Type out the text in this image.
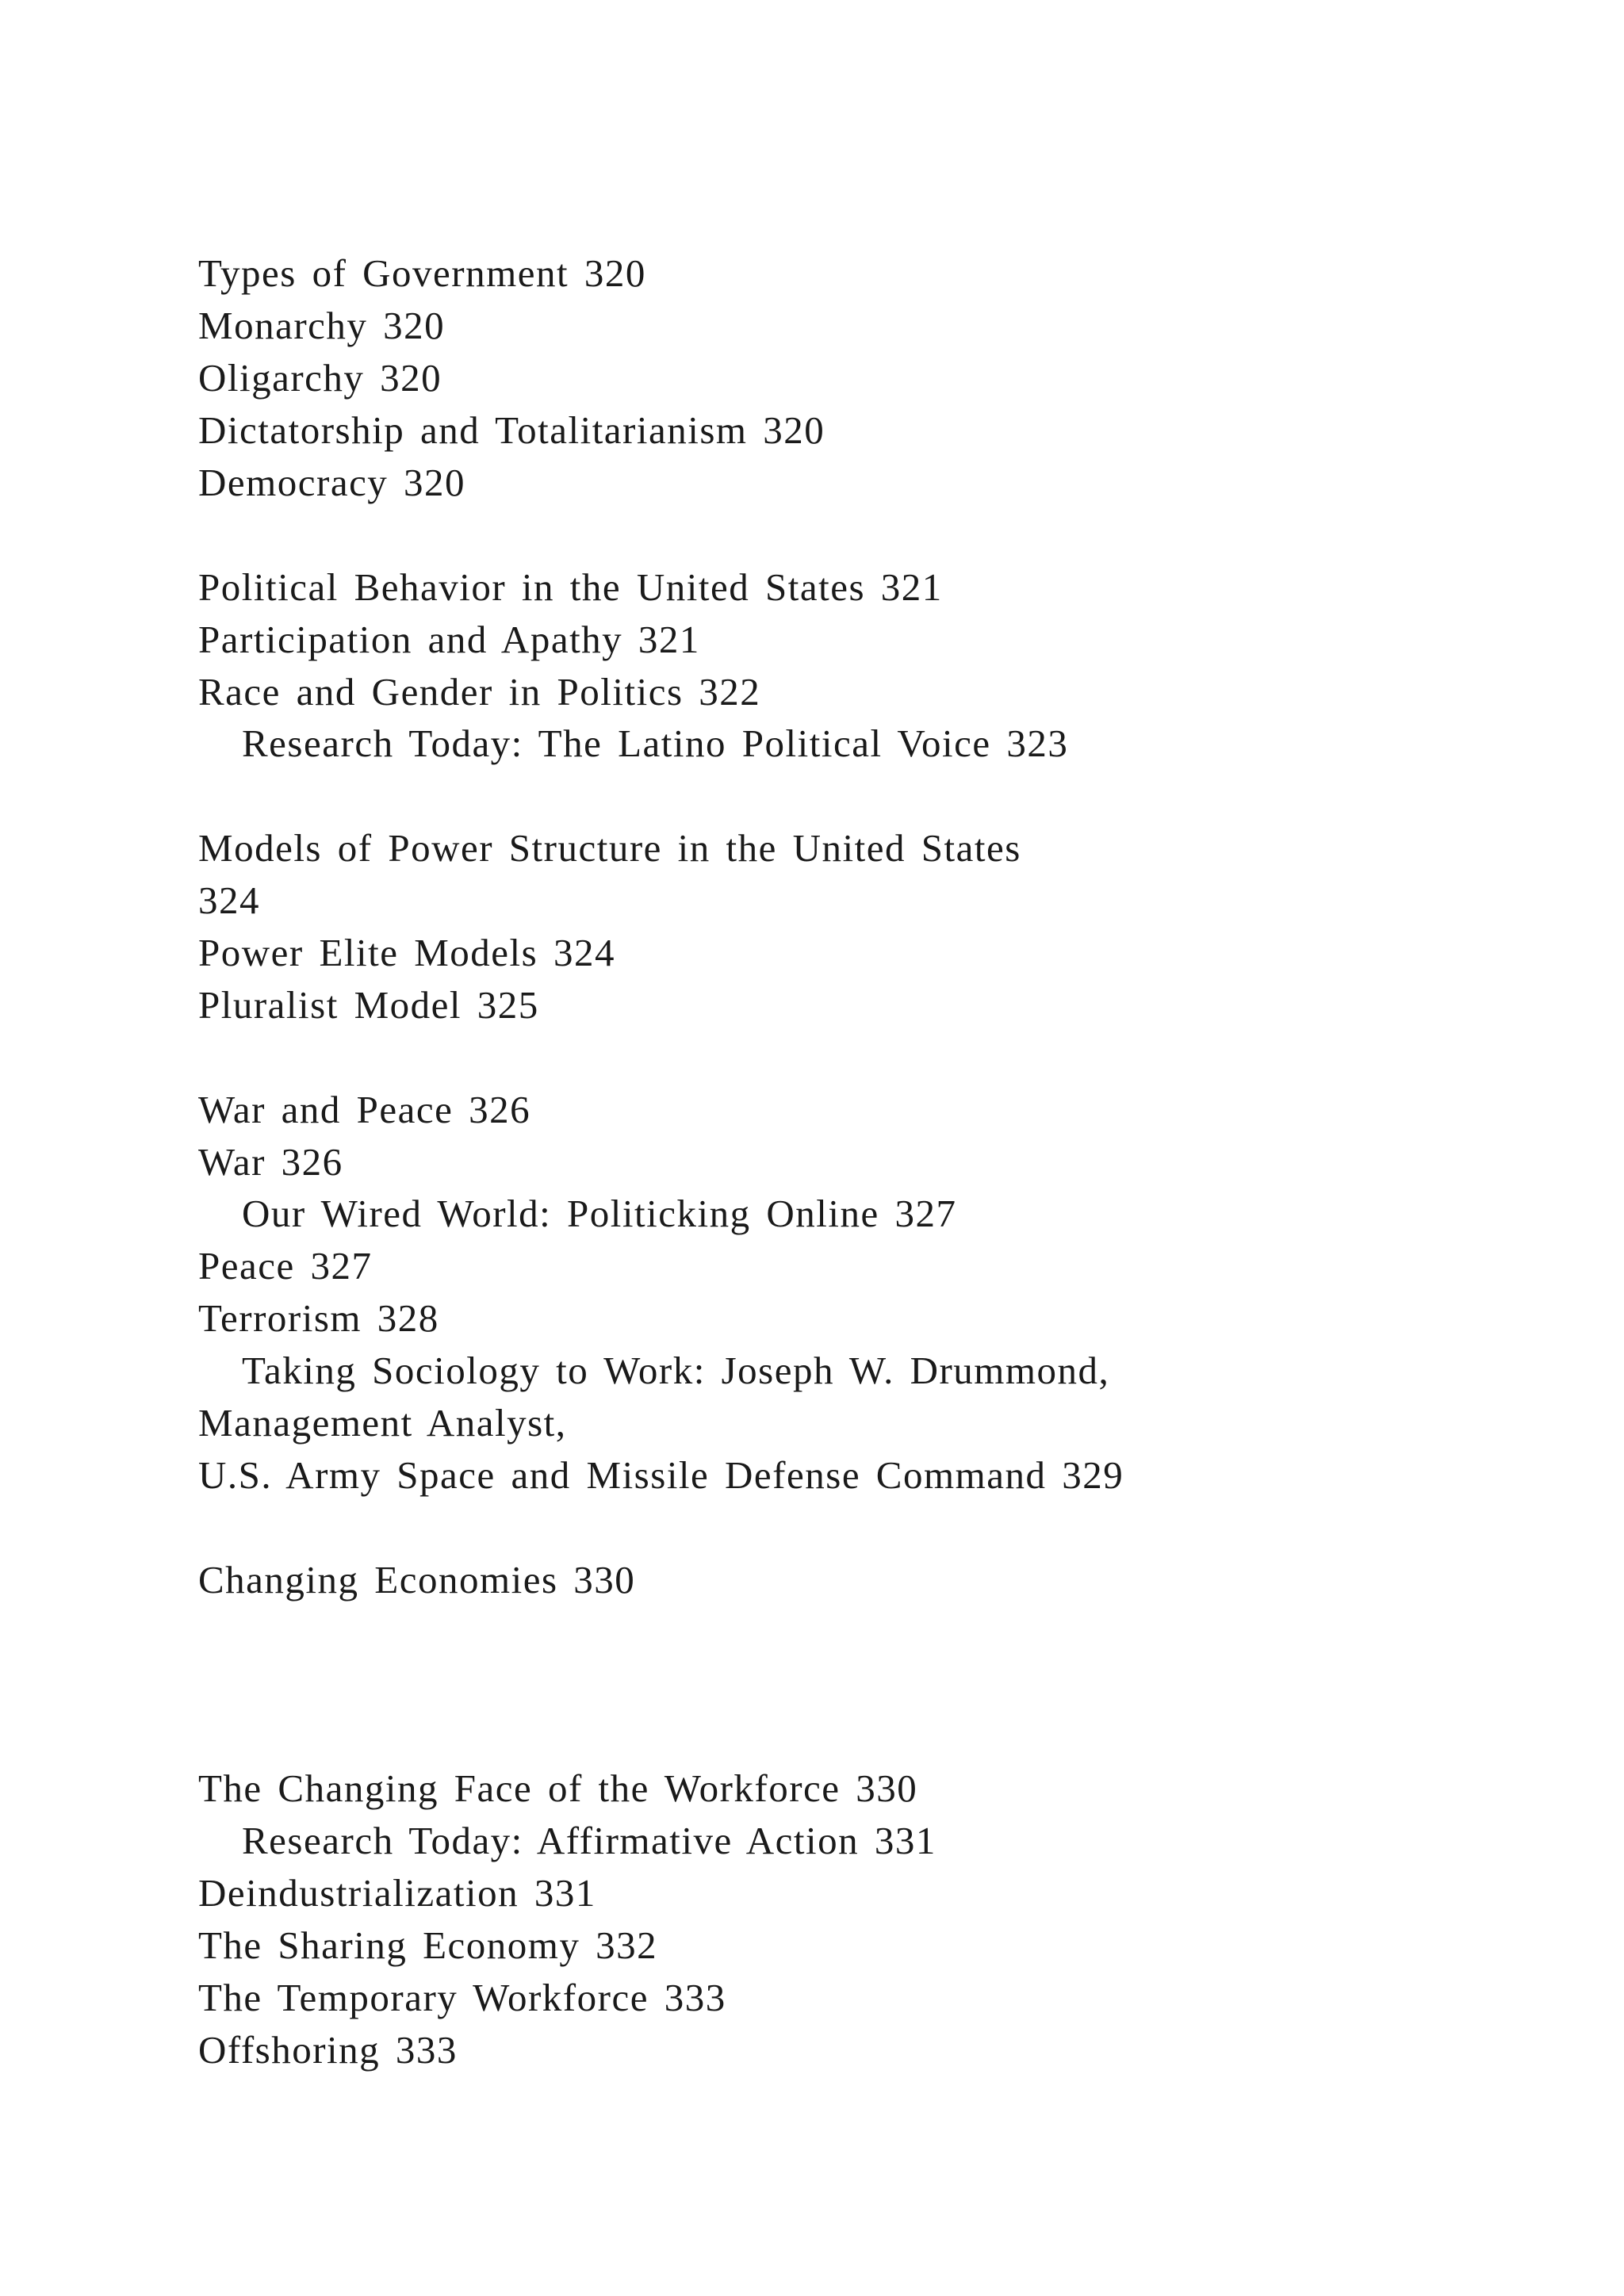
Types of Government 320

Monarchy 320

Oligarchy 320

Dictatorship and Totalitarianism 320

Democracy 320

Political Behavior in the United States 321

Participation and Apathy 321

Race and Gender in Politics 322

Research Today: The Latino Political Voice 323

Models of Power Structure in the United States

324

Power Elite Models 324

Pluralist Model 325

War and Peace 326

War 326

Our Wired World: Politicking Online 327

Peace 327

Terrorism 328

Taking Sociology to Work: Joseph W. Drummond,

Management Analyst,

U.S. Army Space and Missile Defense Command 329

Changing Economies 330

The Changing Face of the Workforce 330

Research Today: Affirmative Action 331

Deindustrialization 331

The Sharing Economy 332

The Temporary Workforce 333

Offshoring 333
